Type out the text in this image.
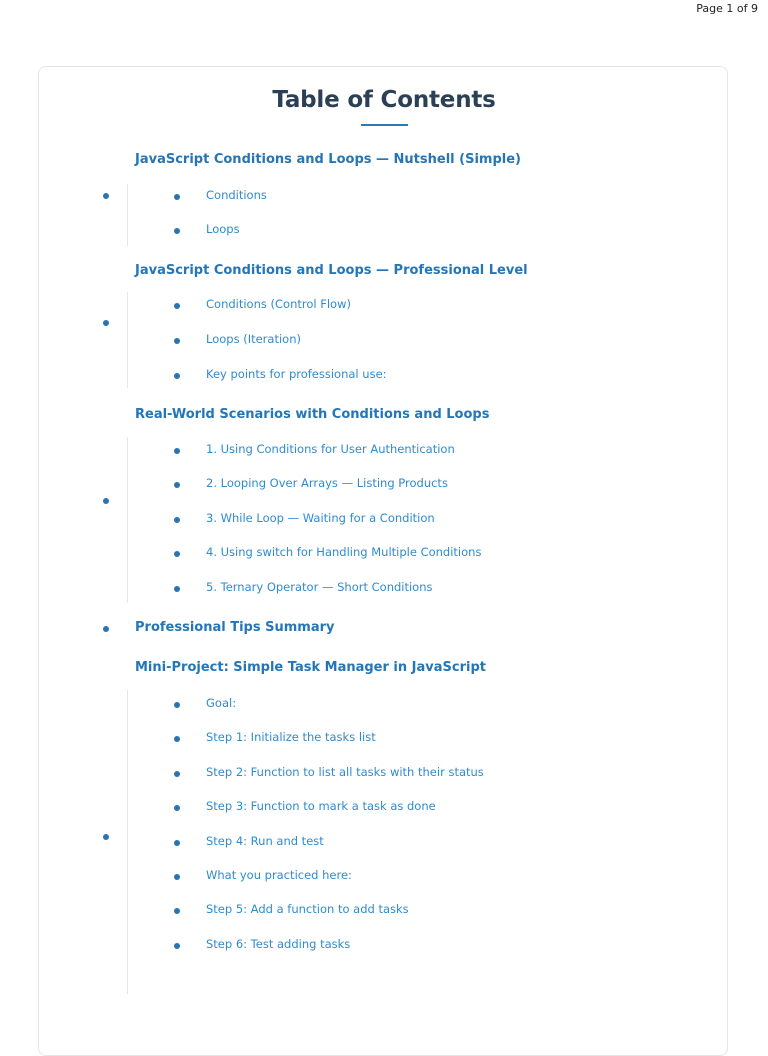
Page 1 of 9
Table of Contents
JavaScript Conditions and Loops — Nutshell (Simple)
Conditions
Loops
JavaScript Conditions and Loops — Professional Level
Conditions (Control Flow)
Loops (Iteration)
Key points for professional use:
Real-World Scenarios with Conditions and Loops
1. Using Conditions for User Authentication
2. Looping Over Arrays — Listing Products
3. While Loop — Waiting for a Condition
4. Using switch for Handling Multiple Conditions
5. Ternary Operator — Short Conditions
Professional Tips Summary
Mini-Project: Simple Task Manager in JavaScript
Goal:
Step 1: Initialize the tasks list
Step 2: Function to list all tasks with their status
Step 3: Function to mark a task as done
Step 4: Run and test
What you practiced here:
Step 5: Add a function to add tasks
Step 6: Test adding tasks
